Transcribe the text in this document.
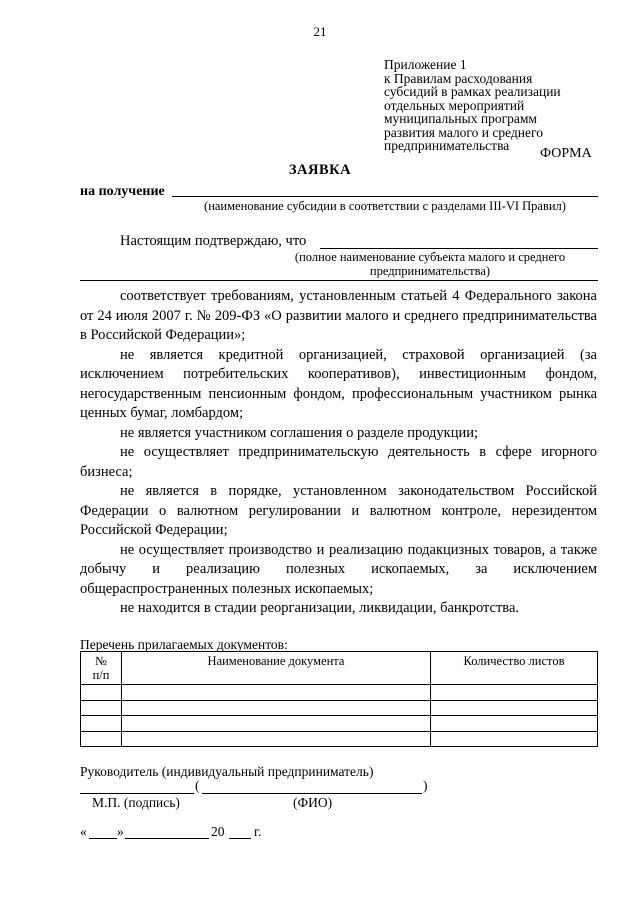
21
Приложение 1
к Правилам расходования
субсидий в рамках реализации
отдельных мероприятий
муниципальных программ
развития малого и среднего
предпринимательства
ФОРМА
ЗАЯВКА
на получение
(наименование субсидии в соответствии с разделами III-VI Правил)
Настоящим подтверждаю, что
(полное наименование субъекта малого и среднего
предпринимательства)

соответствует требованиям, установленным статьей 4 Федерального закона от 24 июля 2007 г. № 209-ФЗ «О развитии малого и среднего предпринимательства в Российской Федерации»;

не является кредитной организацией, страховой организацией (за исключением потребительских кооперативов), инвестиционным фондом, негосударственным пенсионным фондом, профессиональным участником рынка ценных бумаг, ломбардом;

не является участником соглашения о разделе продукции;

не осуществляет предпринимательскую деятельность в сфере игорного бизнеса;

не является в порядке, установленном законодательством Российской Федерации о валютном регулировании и валютном контроле, нерезидентом Российской Федерации;

не осуществляет производство и реализацию подакцизных товаров, а также добычу и реализацию полезных ископаемых, за исключением общераспространенных полезных ископаемых;

не находится в стадии реорганизации, ликвидации, банкротства.

Перечень прилагаемых документов:
№
п/п	Наименование документа	Количество листов

Руководитель (индивидуальный предприниматель)
(	)
М.П. (подпись)	(ФИО)
« »	20 г.
